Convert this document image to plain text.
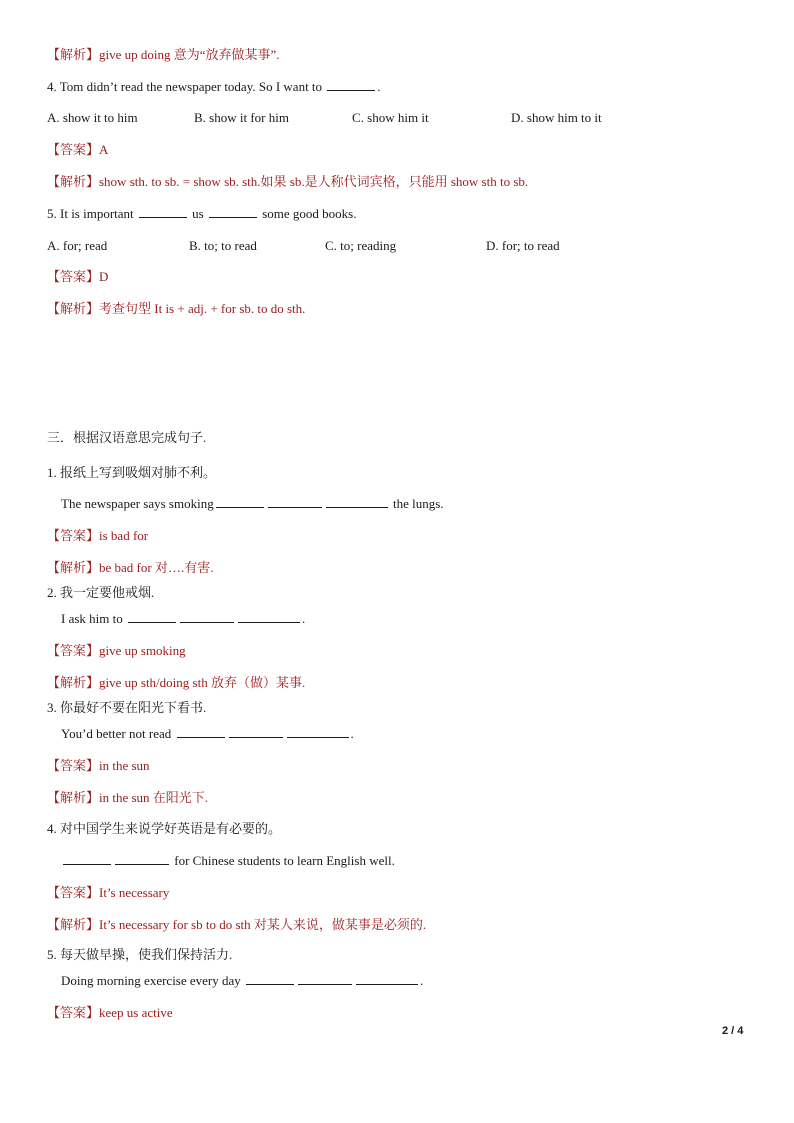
【解析】give up doing 意为“放弃做某事”.
4. Tom didn’t read the newspaper today. So I want to	.
A. show it to him	B. show it for him	C. show him it	D. show him to it
【答案】A
【解析】show sth. to sb. = show sb. sth.如果 sb.是人称代词宾格，只能用 show sth to sb.
5. It is important	us	some good books.
A. for; read	B. to; to read	C. to; reading	D. for; to read
【答案】D
【解析】考查句型 It is + adj. + for sb. to do sth.
三．根据汉语意思完成句子.
1. 报纸上写到吸烟对肺不利。
The newspaper says smoking	the lungs.
【答案】is bad for
【解析】be bad for 对….有害.
2. 我一定要他戒烟.
I ask him to	.
【答案】give up smoking
【解析】give up sth/doing sth 放弃（做）某事.
3. 你最好不要在阳光下看书.
You’d better not read	.
【答案】in the sun
【解析】in the sun 在阳光下.
4. 对中国学生来说学好英语是有必要的。
for Chinese students to learn English well.
【答案】It’s necessary
【解析】It’s necessary for sb to do sth 对某人来说，做某事是必须的.
5. 每天做早操，使我们保持活力.
Doing morning exercise every day	.
【答案】keep us active
2 / 4
